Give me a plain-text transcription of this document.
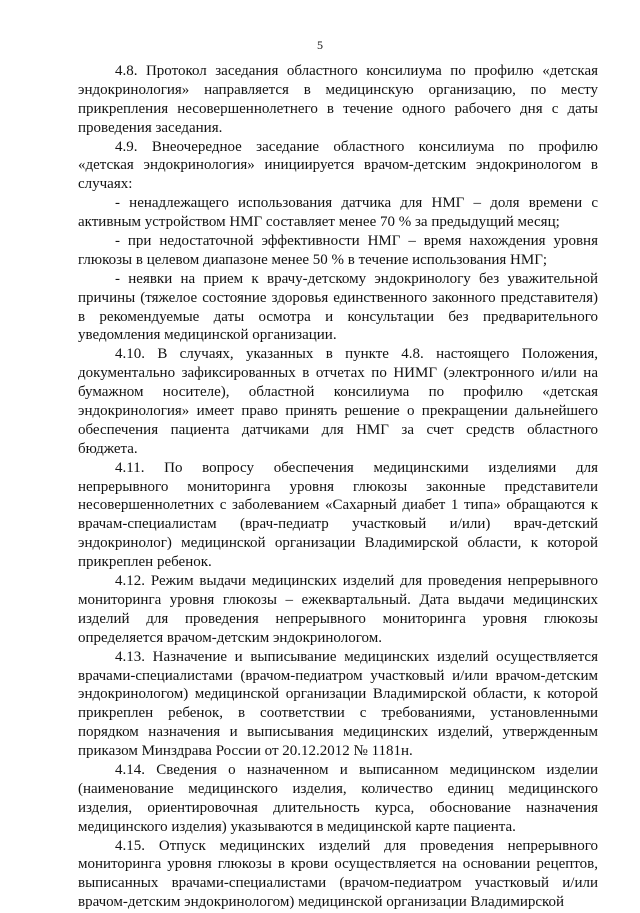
5
4.8. Протокол заседания областного консилиума по профилю «детская
эндокринология» направляется в медицинскую организацию, по месту
прикрепления несовершеннолетнего в течение одного рабочего дня с даты
проведения заседания.
4.9. Внеочередное заседание областного консилиума по профилю
«детская эндокринология» инициируется врачом-детским эндокринологом в
случаях:
- ненадлежащего использования датчика для НМГ – доля времени с
активным устройством НМГ составляет менее 70 % за предыдущий месяц;
- при недостаточной эффективности НМГ – время нахождения уровня
глюкозы в целевом диапазоне менее 50 % в течение использования НМГ;
- неявки на прием к врачу-детскому эндокринологу без уважительной
причины (тяжелое состояние здоровья единственного законного представителя)
в рекомендуемые даты осмотра и консультации без предварительного
уведомления медицинской организации.
4.10. В случаях, указанных в пункте 4.8. настоящего Положения,
документально зафиксированных в отчетах по НИМГ (электронного и/или на
бумажном носителе), областной консилиума по профилю «детская
эндокринология» имеет право принять решение о прекращении дальнейшего
обеспечения пациента датчиками для НМГ за счет средств областного
бюджета.
4.11. По вопросу обеспечения медицинскими изделиями для
непрерывного мониторинга уровня глюкозы законные представители
несовершеннолетних с заболеванием «Сахарный диабет 1 типа» обращаются к
врачам-специалистам (врач-педиатр участковый и/или) врач-детский
эндокринолог) медицинской организации Владимирской области, к которой
прикреплен ребенок.
4.12. Режим выдачи медицинских изделий для проведения непрерывного
мониторинга уровня глюкозы – ежеквартальный. Дата выдачи медицинских
изделий для проведения непрерывного мониторинга уровня глюкозы
определяется врачом-детским эндокринологом.
4.13. Назначение и выписывание медицинских изделий осуществляется
врачами-специалистами (врачом-педиатром участковый и/или врачом-детским
эндокринологом) медицинской организации Владимирской области, к которой
прикреплен ребенок, в соответствии с требованиями, установленными
порядком назначения и выписывания медицинских изделий, утвержденным
приказом Минздрава России от 20.12.2012 № 1181н.
4.14. Сведения о назначенном и выписанном медицинском изделии
(наименование медицинского изделия, количество единиц медицинского
изделия, ориентировочная длительность курса, обоснование назначения
медицинского изделия) указываются в медицинской карте пациента.
4.15. Отпуск медицинских изделий для проведения непрерывного
мониторинга уровня глюкозы в крови осуществляется на основании рецептов,
выписанных врачами-специалистами (врачом-педиатром участковый и/или
врачом-детским эндокринологом) медицинской организации Владимирской
